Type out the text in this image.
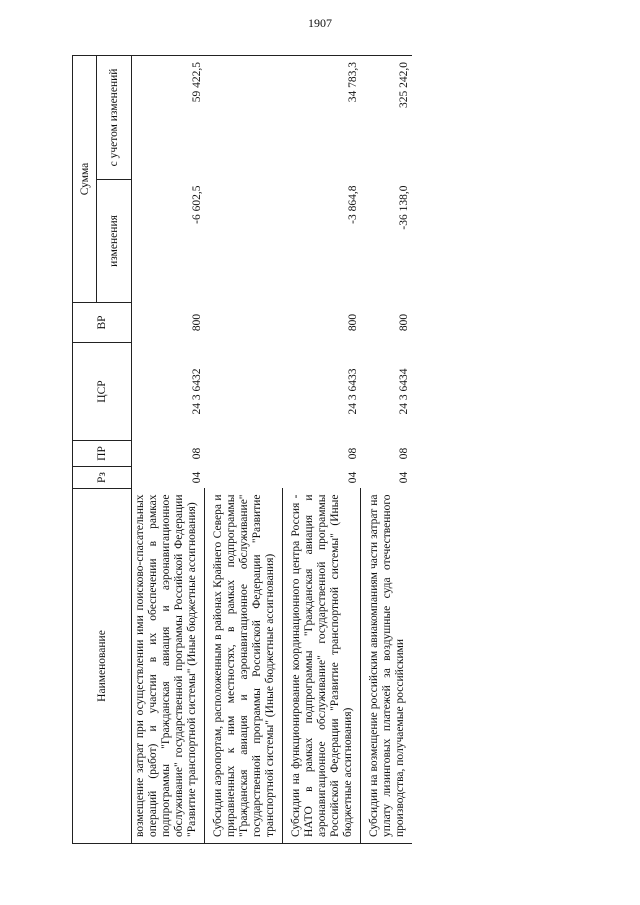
1907
Наименование	Рз	ПР	ЦСР	ВР	Сумма	
					изменения	с учетом изменений
возмещение затрат при осуществлении ими поисково-спасательных операций (работ) и участии в их обеспечении в рамках подпрограммы "Гражданская авиация и аэронавигационное обслуживание" государственной программы Российской Федерации "Развитие транспортной системы" (Иные бюджетные ассигнования)	04	08	24 3 6432	800	-6 602,5	59 422,5
Субсидии аэропортам, расположенным в районах Крайнего Севера и приравненных к ним местностях, в рамках подпрограммы "Гражданская авиация и аэронавигационное обслуживание" государственной программы Российской Федерации "Развитие транспортной системы" (Иные бюджетные ассигнования)						
Субсидии на функционирование координационного центра Россия - НАТО в рамках подпрограммы "Гражданская авиация и аэронавигационное обслуживание" государственной программы Российской Федерации "Развитие транспортной системы" (Иные бюджетные ассигнования)	04	08	24 3 6433	800	-3 864,8	34 783,3
Субсидии на возмещение российским авиакомпаниям части затрат на уплату лизинговых платежей за воздушные суда отечественного производства, получаемые российскими	04	08	24 3 6434	800	-36 138,0	325 242,0
